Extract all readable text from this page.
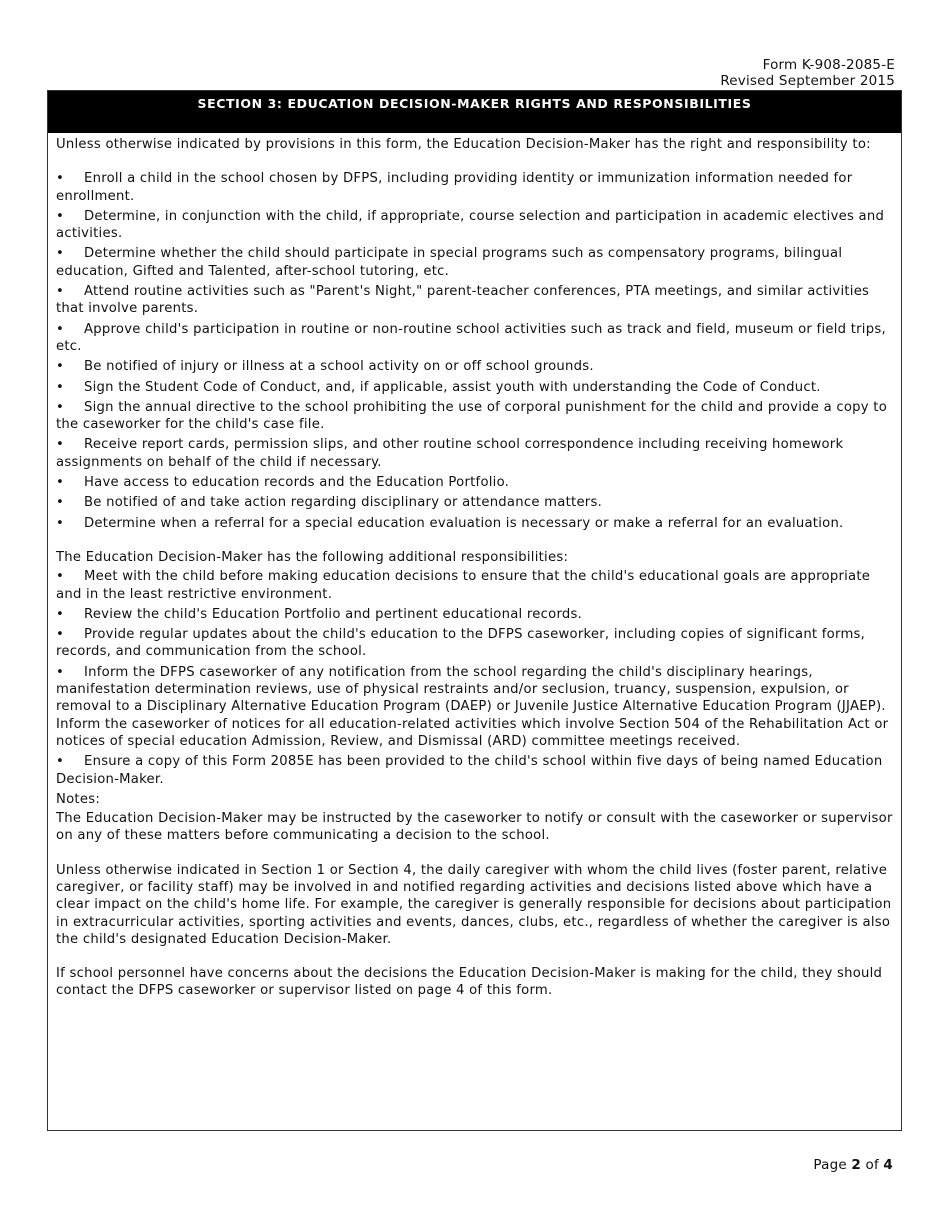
Form K-908-2085-E
Revised September 2015
SECTION 3: EDUCATION DECISION-MAKER RIGHTS AND RESPONSIBILITIES
Unless otherwise indicated by provisions in this form, the Education Decision-Maker has the right and responsibility to:
• Enroll a child in the school chosen by DFPS, including providing identity or immunization information needed for enrollment.
• Determine, in conjunction with the child, if appropriate, course selection and participation in academic electives and activities.
• Determine whether the child should participate in special programs such as compensatory programs, bilingual education, Gifted and Talented, after-school tutoring, etc.
• Attend routine activities such as "Parent's Night," parent-teacher conferences, PTA meetings, and similar activities that involve parents.
• Approve child's participation in routine or non-routine school activities such as track and field, museum or field trips, etc.
• Be notified of injury or illness at a school activity on or off school grounds.
• Sign the Student Code of Conduct, and, if applicable, assist youth with understanding the Code of Conduct.
• Sign the annual directive to the school prohibiting the use of corporal punishment for the child and provide a copy to the caseworker for the child's case file.
• Receive report cards, permission slips, and other routine school correspondence including receiving homework assignments on behalf of the child if necessary.
• Have access to education records and the Education Portfolio.
• Be notified of and take action regarding disciplinary or attendance matters.
• Determine when a referral for a special education evaluation is necessary or make a referral for an evaluation.
The Education Decision-Maker has the following additional responsibilities:
• Meet with the child before making education decisions to ensure that the child's educational goals are appropriate and in the least restrictive environment.
• Review the child's Education Portfolio and pertinent educational records.
• Provide regular updates about the child's education to the DFPS caseworker, including copies of significant forms, records, and communication from the school.
• Inform the DFPS caseworker of any notification from the school regarding the child's disciplinary hearings, manifestation determination reviews, use of physical restraints and/or seclusion, truancy, suspension, expulsion, or removal to a Disciplinary Alternative Education Program (DAEP) or Juvenile Justice Alternative Education Program (JJAEP). Inform the caseworker of notices for all education-related activities which involve Section 504 of the Rehabilitation Act or notices of special education Admission, Review, and Dismissal (ARD) committee meetings received.
• Ensure a copy of this Form 2085E has been provided to the child's school within five days of being named Education Decision-Maker.
Notes:
The Education Decision-Maker may be instructed by the caseworker to notify or consult with the caseworker or supervisor on any of these matters before communicating a decision to the school.
Unless otherwise indicated in Section 1 or Section 4, the daily caregiver with whom the child lives (foster parent, relative caregiver, or facility staff) may be involved in and notified regarding activities and decisions listed above which have a clear impact on the child's home life. For example, the caregiver is generally responsible for decisions about participation in extracurricular activities, sporting activities and events, dances, clubs, etc., regardless of whether the caregiver is also the child's designated Education Decision-Maker.
If school personnel have concerns about the decisions the Education Decision-Maker is making for the child, they should contact the DFPS caseworker or supervisor listed on page 4 of this form.
Page 2 of 4
